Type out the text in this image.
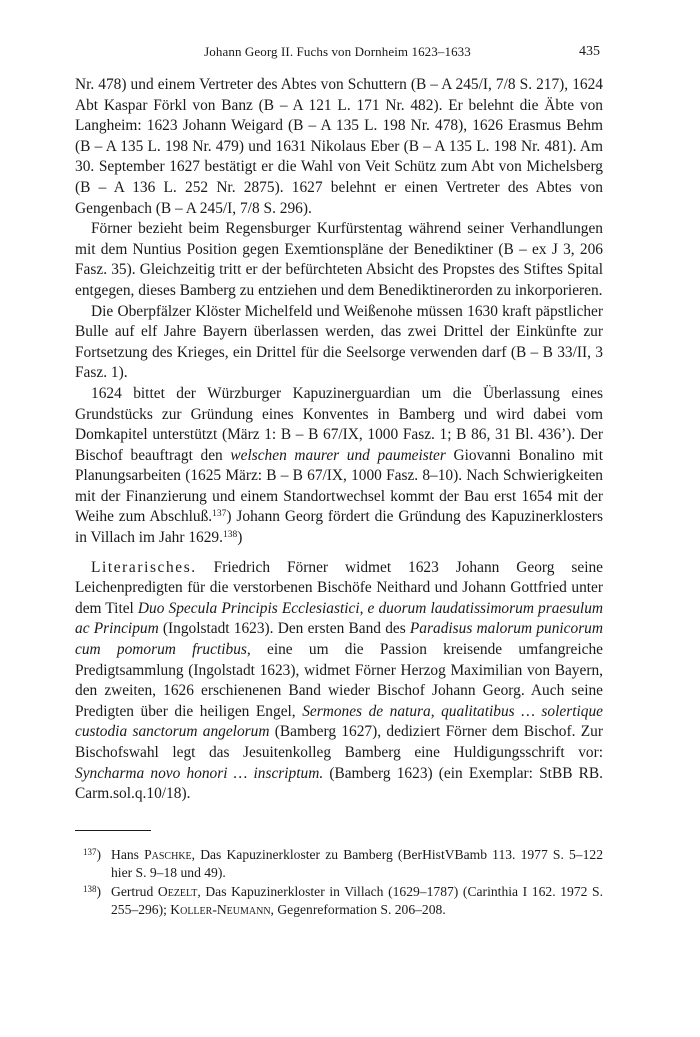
Johann Georg II. Fuchs von Dornheim 1623–1633	435

Nr. 478) und einem Vertreter des Abtes von Schuttern (B – A 245/I, 7/8 S. 217), 1624 Abt Kaspar Förkl von Banz (B – A 121 L. 171 Nr. 482). Er belehnt die Äbte von Langheim: 1623 Johann Weigard (B – A 135 L. 198 Nr. 478), 1626 Erasmus Behm (B – A 135 L. 198 Nr. 479) und 1631 Nikolaus Eber (B – A 135 L. 198 Nr. 481). Am 30. September 1627 bestätigt er die Wahl von Veit Schütz zum Abt von Michelsberg (B – A 136 L. 252 Nr. 2875). 1627 belehnt er einen Vertreter des Abtes von Gengenbach (B – A 245/I, 7/8 S. 296).

Förner bezieht beim Regensburger Kurfürstentag während seiner Verhandlungen mit dem Nuntius Position gegen Exemtionspläne der Benediktiner (B – ex J 3, 206 Fasz. 35). Gleichzeitig tritt er der befürchteten Absicht des Propstes des Stiftes Spital entgegen, dieses Bamberg zu entziehen und dem Benediktinerorden zu inkorporieren.

Die Oberpfälzer Klöster Michelfeld und Weißenohe müssen 1630 kraft päpstlicher Bulle auf elf Jahre Bayern überlassen werden, das zwei Drittel der Einkünfte zur Fortsetzung des Krieges, ein Drittel für die Seelsorge verwenden darf (B – B 33/II, 3 Fasz. 1).

1624 bittet der Würzburger Kapuzinerguardian um die Überlassung eines Grundstücks zur Gründung eines Konventes in Bamberg und wird dabei vom Domkapitel unterstützt (März 1: B – B 67/IX, 1000 Fasz. 1; B 86, 31 Bl. 436’). Der Bischof beauftragt den welschen maurer und paumeister Giovanni Bonalino mit Planungsarbeiten (1625 März: B – B 67/IX, 1000 Fasz. 8–10). Nach Schwierigkeiten mit der Finanzierung und einem Standortwechsel kommt der Bau erst 1654 mit der Weihe zum Abschluß.$^{137}$) Johann Georg fördert die Gründung des Kapuzinerklosters in Villach im Jahr 1629.$^{138}$)

Literarisches. Friedrich Förner widmet 1623 Johann Georg seine Leichenpredigten für die verstorbenen Bischöfe Neithard und Johann Gottfried unter dem Titel Duo Specula Principis Ecclesiastici, e duorum laudatissimorum praesulum ac Principum (Ingolstadt 1623). Den ersten Band des Paradisus malorum punicorum cum pomorum fructibus, eine um die Passion kreisende umfangreiche Predigtsammlung (Ingolstadt 1623), widmet Förner Herzog Maximilian von Bayern, den zweiten, 1626 erschienenen Band wieder Bischof Johann Georg. Auch seine Predigten über die heiligen Engel, Sermones de natura, qualitatibus … solertique custodia sanctorum angelorum (Bamberg 1627), dediziert Förner dem Bischof. Zur Bischofswahl legt das Jesuitenkolleg Bamberg eine Huldigungsschrift vor: Syncharma novo honori … inscriptum. (Bamberg 1623) (ein Exemplar: StBB RB. Carm.sol.q.10/18).

$^{137}$) Hans Paschke, Das Kapuzinerkloster zu Bamberg (BerHistVBamb 113. 1977 S. 5–122 hier S. 9–18 und 49).

$^{138}$) Gertrud Oezelt, Das Kapuzinerkloster in Villach (1629–1787) (Carinthia I 162. 1972 S. 255–296); Koller-Neumann, Gegenreformation S. 206–208.
